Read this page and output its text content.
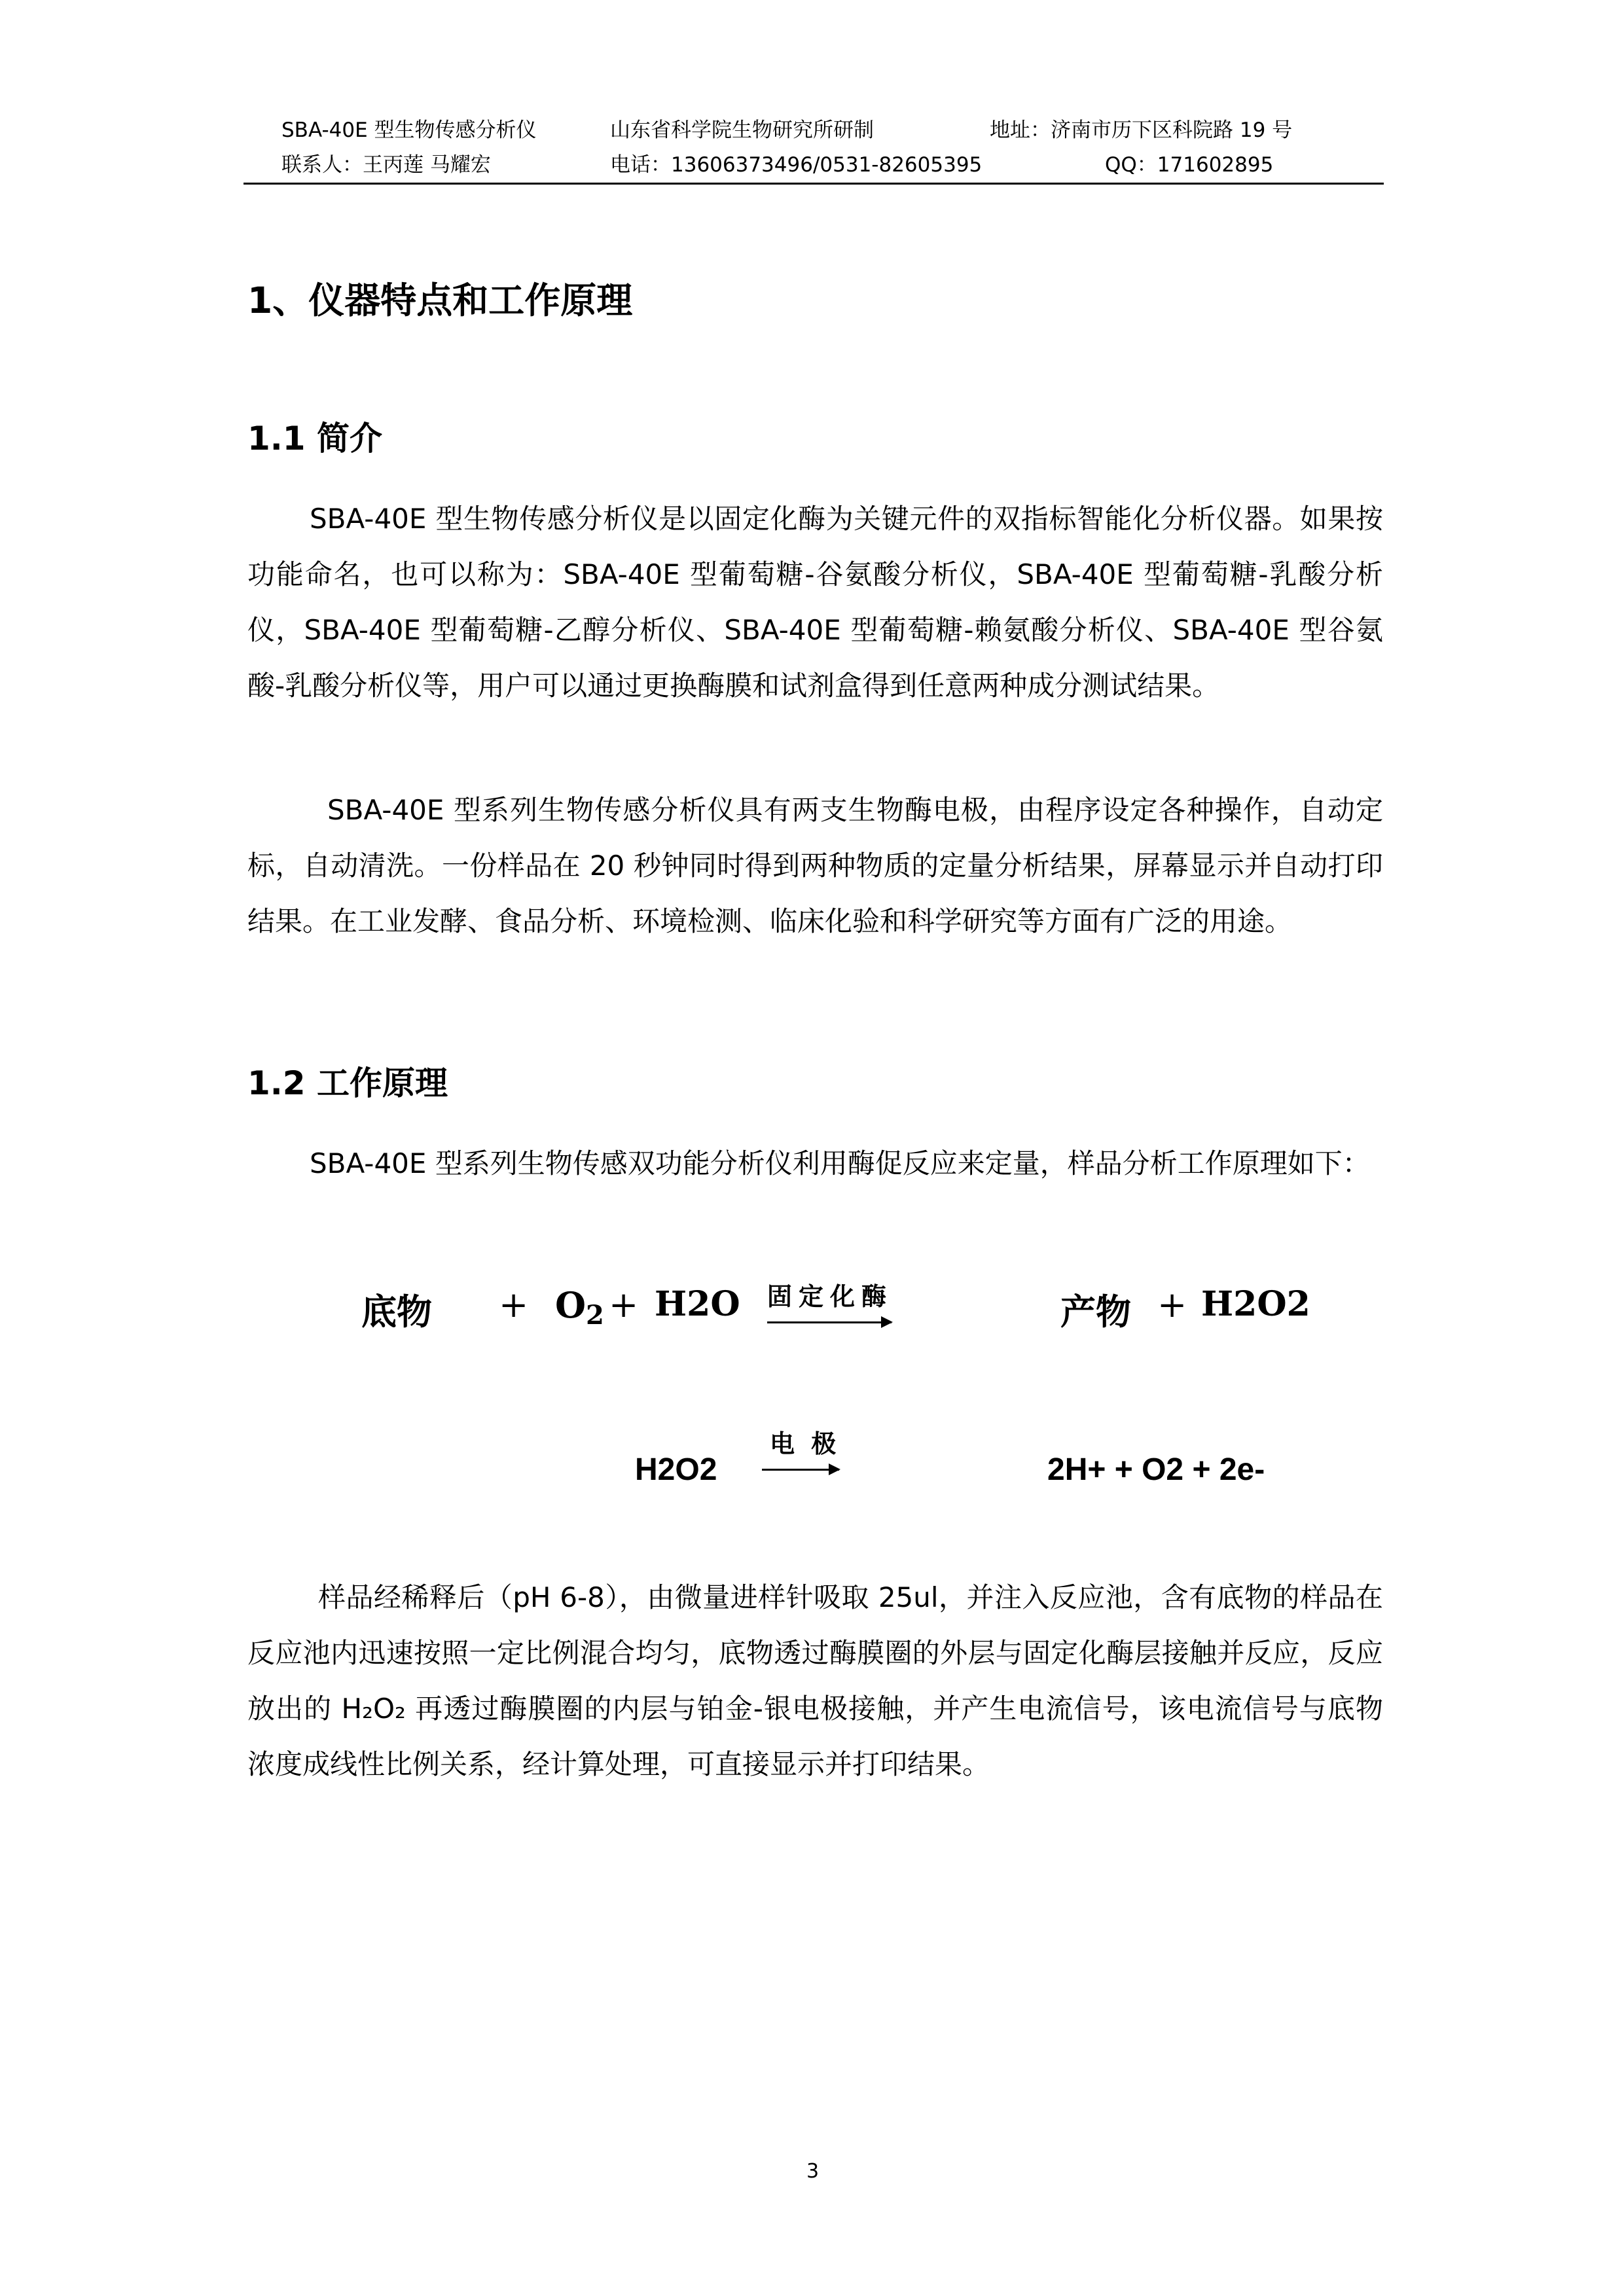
SBA-40E 型生物传感分析仪	山东省科学院生物研究所研制	地址：济南市历下区科院路 19 号
联系人：王丙莲 马耀宏	电话：13606373496/0531-82605395	QQ：171602895
1、仪器特点和工作原理
1.1 简介
SBA-40E 型生物传感分析仪是以固定化酶为关键元件的双指标智能化分析仪器。如果按功能命名，也可以称为：SBA-40E 型葡萄糖-谷氨酸分析仪，SBA-40E 型葡萄糖-乳酸分析仪，SBA-40E 型葡萄糖-乙醇分析仪、SBA-40E 型葡萄糖-赖氨酸分析仪、SBA-40E 型谷氨酸-乳酸分析仪等，用户可以通过更换酶膜和试剂盒得到任意两种成分测试结果。
SBA-40E 型系列生物传感分析仪具有两支生物酶电极，由程序设定各种操作，自动定标，自动清洗。一份样品在 20 秒钟同时得到两种物质的定量分析结果，屏幕显示并自动打印结果。在工业发酵、食品分析、环境检测、临床化验和科学研究等方面有广泛的用途。
1.2 工作原理
SBA-40E 型系列生物传感双功能分析仪利用酶促反应来定量，样品分析工作原理如下：
底物 + O2 + H2O 固定化酶	产物 + H2O2
H2O2
电 极
2H+ + O2 + 2e-
样品经稀释后（pH 6-8），由微量进样针吸取 25ul，并注入反应池，含有底物的样品在反应池内迅速按照一定比例混合均匀，底物透过酶膜圈的外层与固定化酶层接触并反应，反应放出的 H₂O₂ 再透过酶膜圈的内层与铂金-银电极接触，并产生电流信号，该电流信号与底物浓度成线性比例关系，经计算处理，可直接显示并打印结果。
3
